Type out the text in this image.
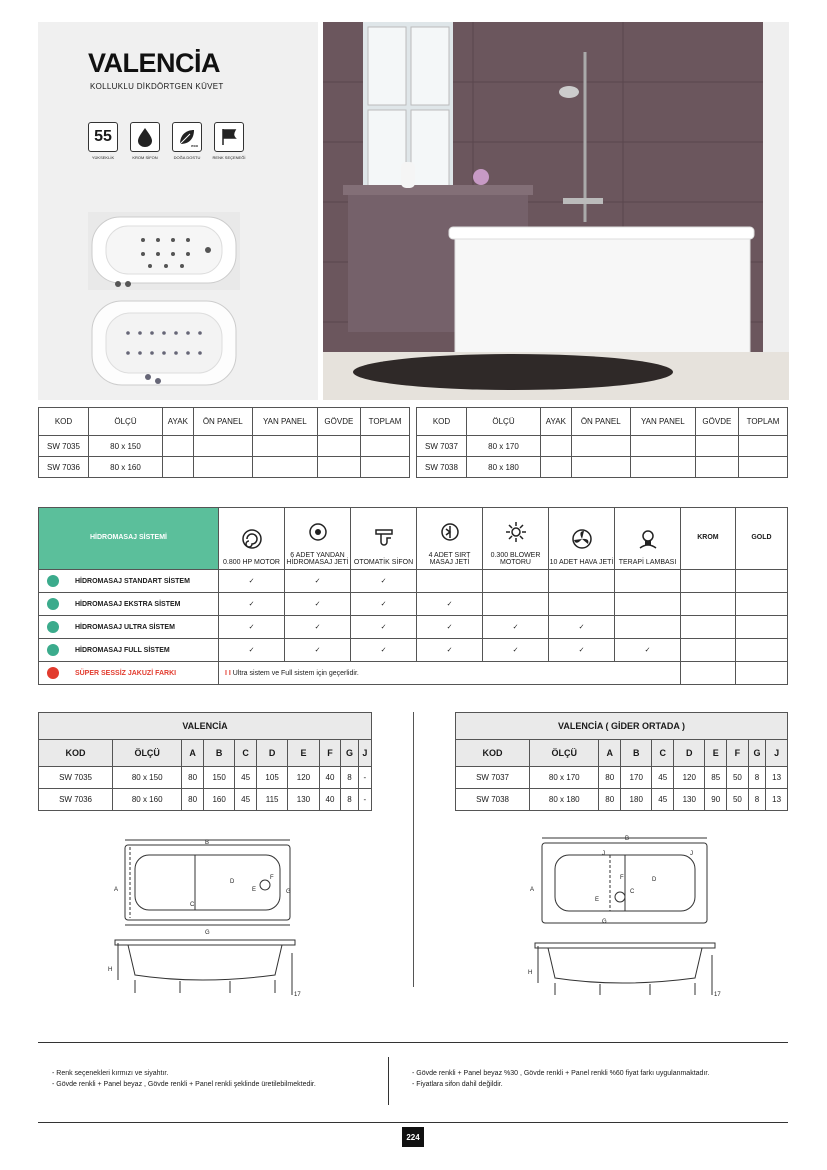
VALENCİA
KOLLUKLU DİKDÖRTGEN KÜVET
55
eco
YÜKSEKLİK	KROM SİFON	DOĞA DOSTU	RENK SEÇENEĞİ
KOD	ÖLÇÜ	AYAK	ÖN PANEL	YAN PANEL	GÖVDE	TOPLAM
SW 7035	80 x 150					
SW 7036	80 x 160					
KOD	ÖLÇÜ	AYAK	ÖN PANEL	YAN PANEL	GÖVDE	TOPLAM
SW 7037	80 x 170					
SW 7038	80 x 180					
HİDROMASAJ SİSTEMİ	0.800 HP MOTOR	6 ADET YANDAN HİDROMASAJ JETİ	OTOMATİK SİFON	4 ADET SIRT MASAJ JETİ	0.300 BLOWER MOTORU	10 ADET HAVA JETİ	TERAPİ LAMBASI	KROM	GOLD
HİDROMASAJ STANDART SİSTEM	✓	✓	✓						
HİDROMASAJ EKSTRA SİSTEM	✓	✓	✓	✓					
HİDROMASAJ ULTRA SİSTEM	✓	✓	✓	✓	✓	✓			
HİDROMASAJ FULL SİSTEM	✓	✓	✓	✓	✓	✓	✓		
SÜPER SESSİZ JAKUZİ FARKI	I I Ultra sistem ve Full sistem için geçerlidir.								
VALENCİA									
KOD	ÖLÇÜ	A	B	C	D	E	F	G	J
SW 7035	80 x 150	80	150	45	105	120	40	8	-
SW 7036	80 x 160	80	160	45	115	130	40	8	-
VALENCİA ( GİDER ORTADA )									
KOD	ÖLÇÜ	A	B	C	D	E	F	G	J
SW 7037	80 x 170	80	170	45	120	85	50	8	13
SW 7038	80 x 180	80	180	45	130	90	50	8	13
B
A
F
D
E
C
G
G
H
17
B
J	J
F	D
A	C
E
G
H
17
- Renk seçenekleri kırmızı ve siyahtır.
- Gövde renkli + Panel beyaz , Gövde renkli + Panel renkli şeklinde üretilebilmektedir.
- Gövde renkli + Panel beyaz %30 , Gövde renkli + Panel renkli %60 fiyat farkı uygulanmaktadır.
- Fiyatlara sifon dahil değildir.
224
